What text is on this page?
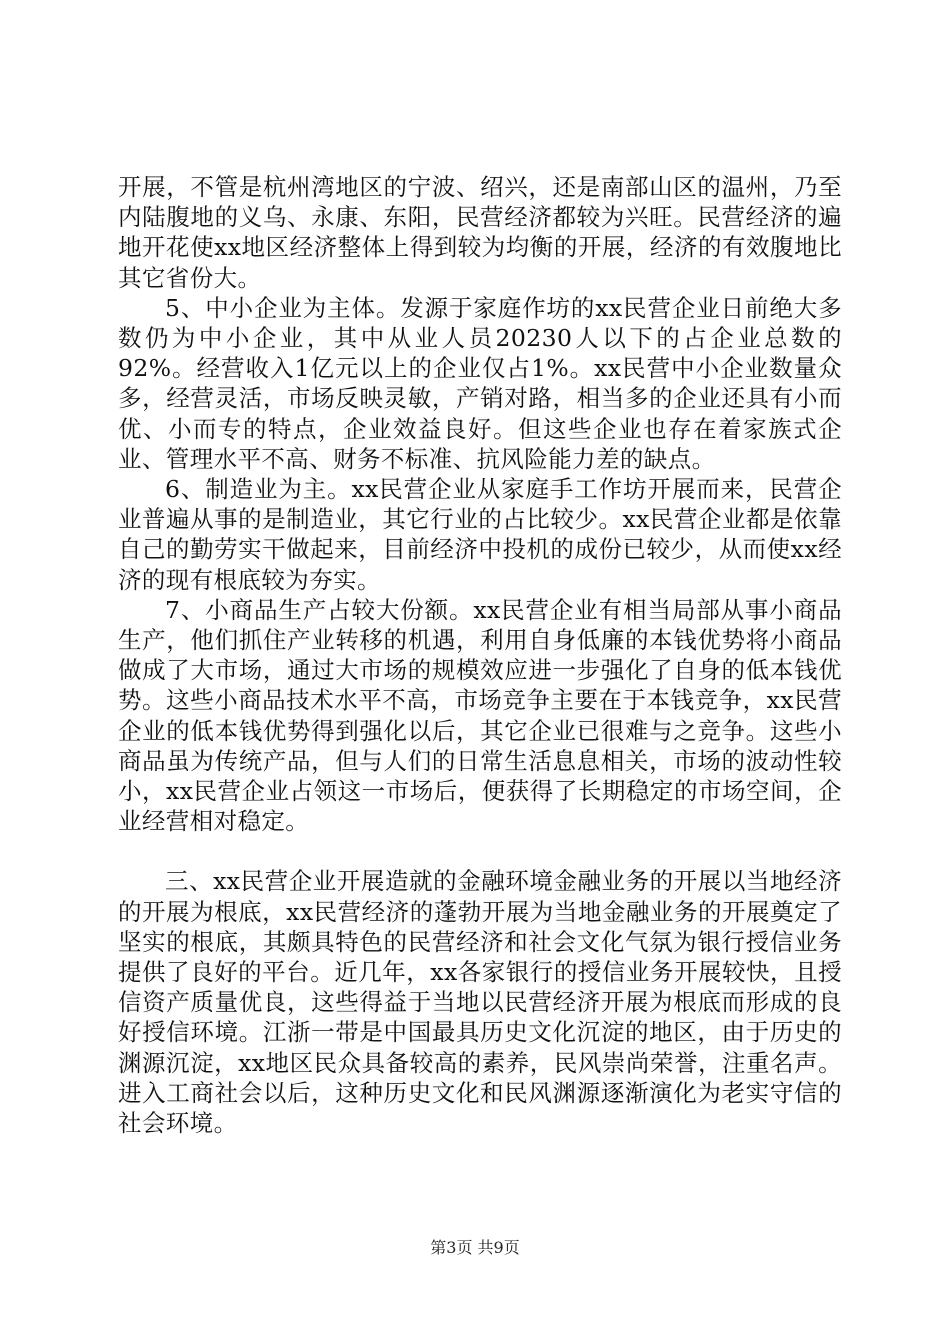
开展，不管是杭州湾地区的宁波、绍兴，还是南部山区的温州，乃至内陆腹地的义乌、永康、东阳，民营经济都较为兴旺。民营经济的遍地开花使xx地区经济整体上得到较为均衡的开展，经济的有效腹地比其它省份大。

5、中小企业为主体。发源于家庭作坊的xx民营企业日前绝大多数仍为中小企业，其中从业人员20230人以下的占企业总数的92%。经营收入1亿元以上的企业仅占1%。xx民营中小企业数量众多，经营灵活，市场反映灵敏，产销对路，相当多的企业还具有小而优、小而专的特点，企业效益良好。但这些企业也存在着家族式企业、管理水平不高、财务不标准、抗风险能力差的缺点。

6、制造业为主。xx民营企业从家庭手工作坊开展而来，民营企业普遍从事的是制造业，其它行业的占比较少。xx民营企业都是依靠自己的勤劳实干做起来，目前经济中投机的成份已较少，从而使xx经济的现有根底较为夯实。

7、小商品生产占较大份额。xx民营企业有相当局部从事小商品生产，他们抓住产业转移的机遇，利用自身低廉的本钱优势将小商品做成了大市场，通过大市场的规模效应进一步强化了自身的低本钱优势。这些小商品技术水平不高，市场竞争主要在于本钱竞争，xx民营企业的低本钱优势得到强化以后，其它企业已很难与之竞争。这些小商品虽为传统产品，但与人们的日常生活息息相关，市场的波动性较小，xx民营企业占领这一市场后，便获得了长期稳定的市场空间，企业经营相对稳定。

三、xx民营企业开展造就的金融环境金融业务的开展以当地经济的开展为根底，xx民营经济的蓬勃开展为当地金融业务的开展奠定了坚实的根底，其颇具特色的民营经济和社会文化气氛为银行授信业务提供了良好的平台。近几年，xx各家银行的授信业务开展较快，且授信资产质量优良，这些得益于当地以民营经济开展为根底而形成的良好授信环境。江浙一带是中国最具历史文化沉淀的地区，由于历史的渊源沉淀，xx地区民众具备较高的素养，民风崇尚荣誉，注重名声。进入工商社会以后，这种历史文化和民风渊源逐渐演化为老实守信的社会环境。

第3页 共9页
